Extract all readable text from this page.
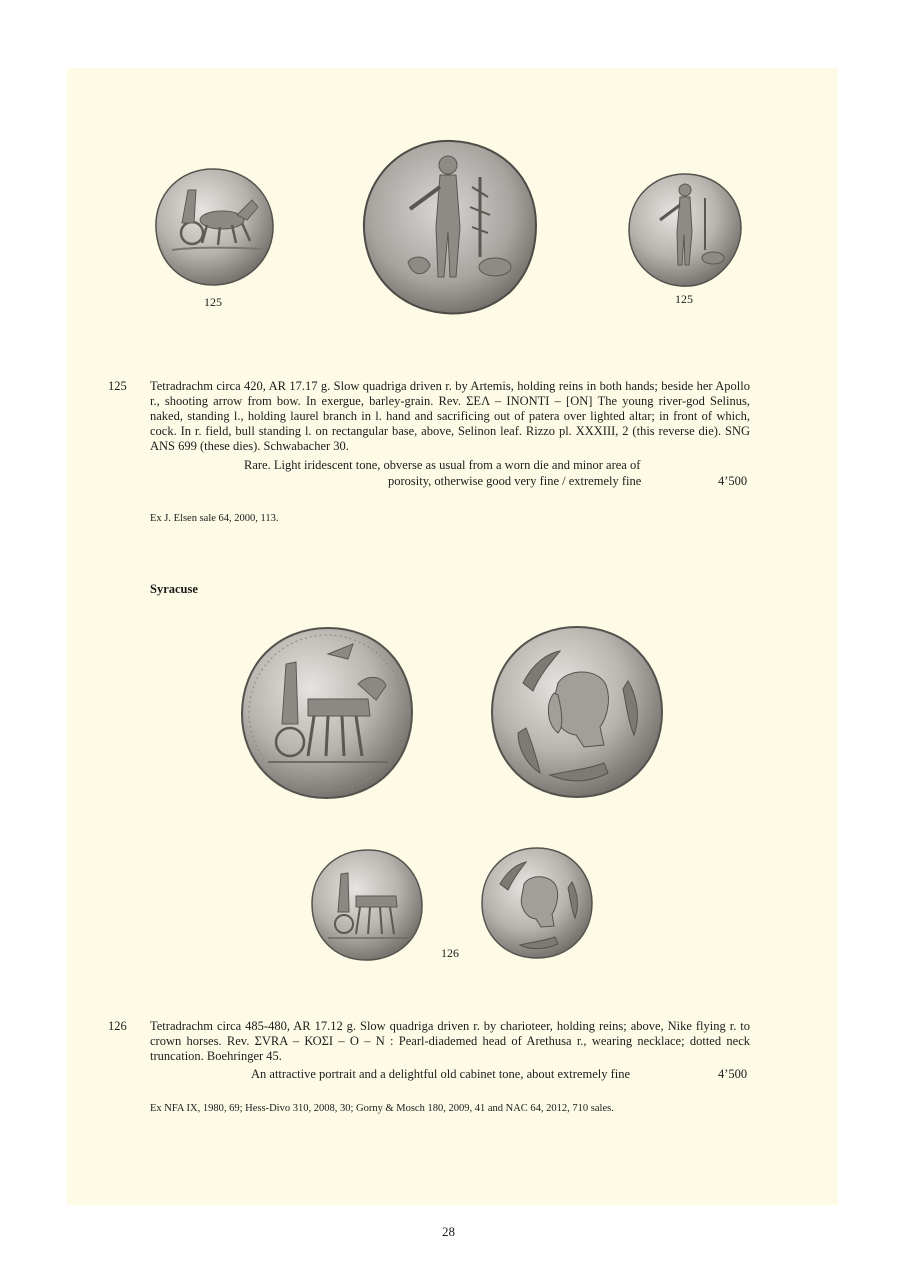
125	125
125 Tetradrachm circa 420, AR 17.17 g. Slow quadriga driven r. by Artemis, holding reins in both hands; beside her Apollo r., shooting arrow from bow. In exergue, barley-grain. Rev. ΣΕΛ – ΙΝΟΝΤΙ – [ΟΝ] The young river-god Selinus, naked, standing l., holding laurel branch in l. hand and sacrificing out of patera over lighted altar; in front of which, cock. In r. field, bull standing l. on rectangular base, above, Selinon leaf. Rizzo pl. XXXIII, 2 (this reverse die). SNG ANS 699 (these dies). Schwabacher 30.

Rare. Light iridescent tone, obverse as usual from a worn die and minor area of
porosity, otherwise good very fine / extremely fine	4’500
Ex J. Elsen sale 64, 2000, 113.
Syracuse
126
126 Tetradrachm circa 485-480, AR 17.12 g. Slow quadriga driven r. by charioteer, holding reins; above, Nike flying r. to crown horses. Rev. ΣVRA – ΚΟΣΙ – Ο – Ν : Pearl-diademed head of Arethusa r., wearing necklace; dotted neck truncation. Boehringer 45.

An attractive portrait and a delightful old cabinet tone, about extremely fine	4’500
Ex NFA IX, 1980, 69; Hess-Divo 310, 2008, 30; Gorny & Mosch 180, 2009, 41 and NAC 64, 2012, 710 sales.
28
